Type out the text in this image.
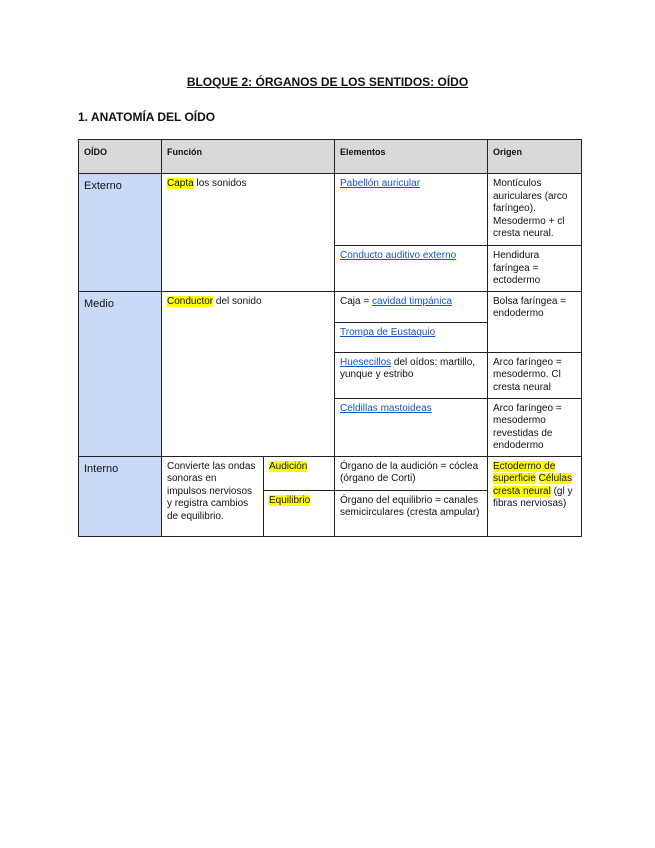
BLOQUE 2: ÓRGANOS DE LOS SENTIDOS: OÍDO
1. ANATOMÍA DEL OÍDO
OÍDO	Función		Elementos	Origen
Externo	Capta los sonidos		Pabellón auricular	Montículos auriculares (arco faríngeo). Mesodermo + cl cresta neural.
			Conducto auditivo externo	Hendidura faríngea = ectodermo
Medio	Conductor del sonido		Caja = cavidad timpánica	Bolsa faríngea = endodermo
			Trompa de Eustaquio	
			Huesecillos del oídos: martillo, yunque y estribo	Arco faríngeo = mesodermo. Cl cresta neural
			Celdillas mastoideas	Arco faríngeo = mesodermo revestidas de endodermo
Interno	Convierte las ondas sonoras en impulsos nerviosos y registra cambios de equilibrio.	Audición	Órgano de la audición = cóclea (órgano de Corti)	Ectodermo de superficie Células cresta neural (gl y fibras nerviosas)
		Equilibrio	Órgano del equilibrio = canales semicirculares (cresta ampular)	
